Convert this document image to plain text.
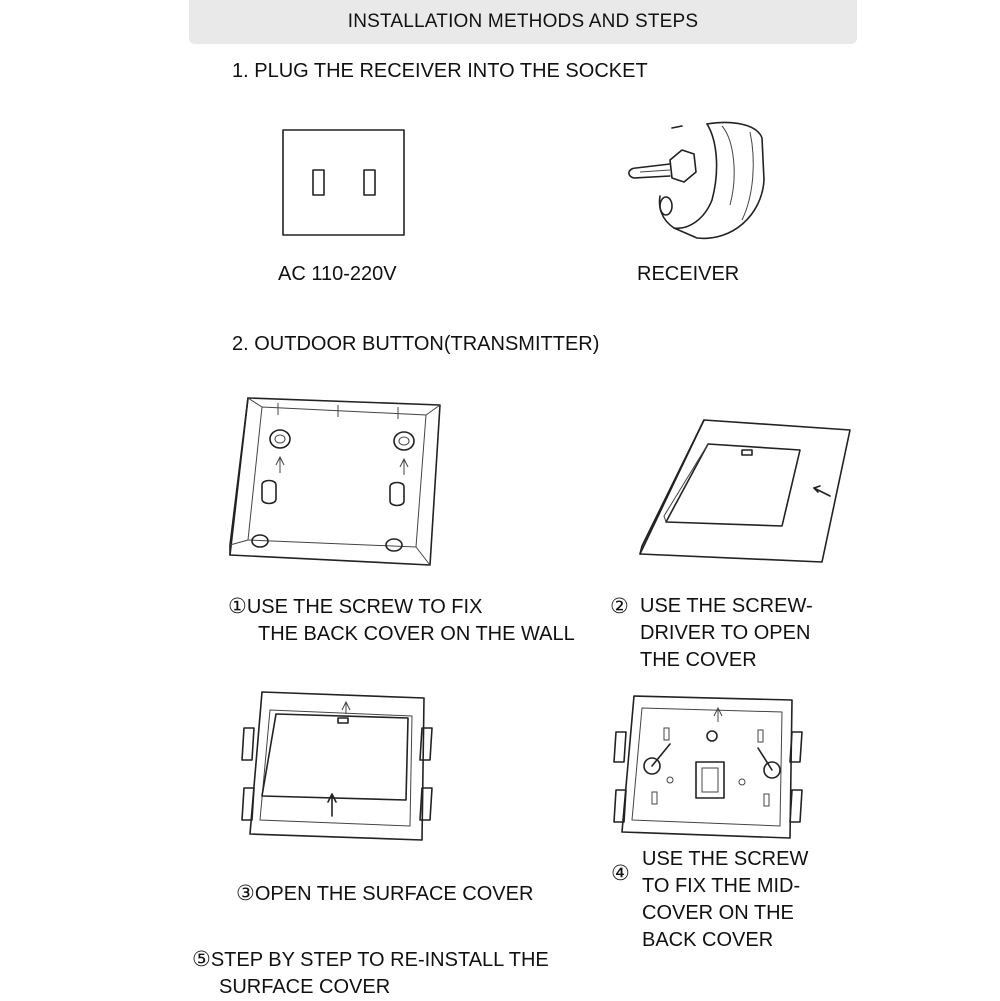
INSTALLATION METHODS AND STEPS
1. PLUG THE RECEIVER INTO THE SOCKET
AC 110-220V	RECEIVER
2. OUTDOOR BUTTON(TRANSMITTER)
①USE THE SCREW TO FIX
THE BACK COVER ON THE WALL
② USE THE SCREW-
DRIVER TO OPEN
THE COVER
③OPEN THE SURFACE COVER
④
USE THE SCREW
TO FIX THE MID-
COVER ON THE
BACK COVER
⑤STEP BY STEP TO RE-INSTALL THE
SURFACE COVER
